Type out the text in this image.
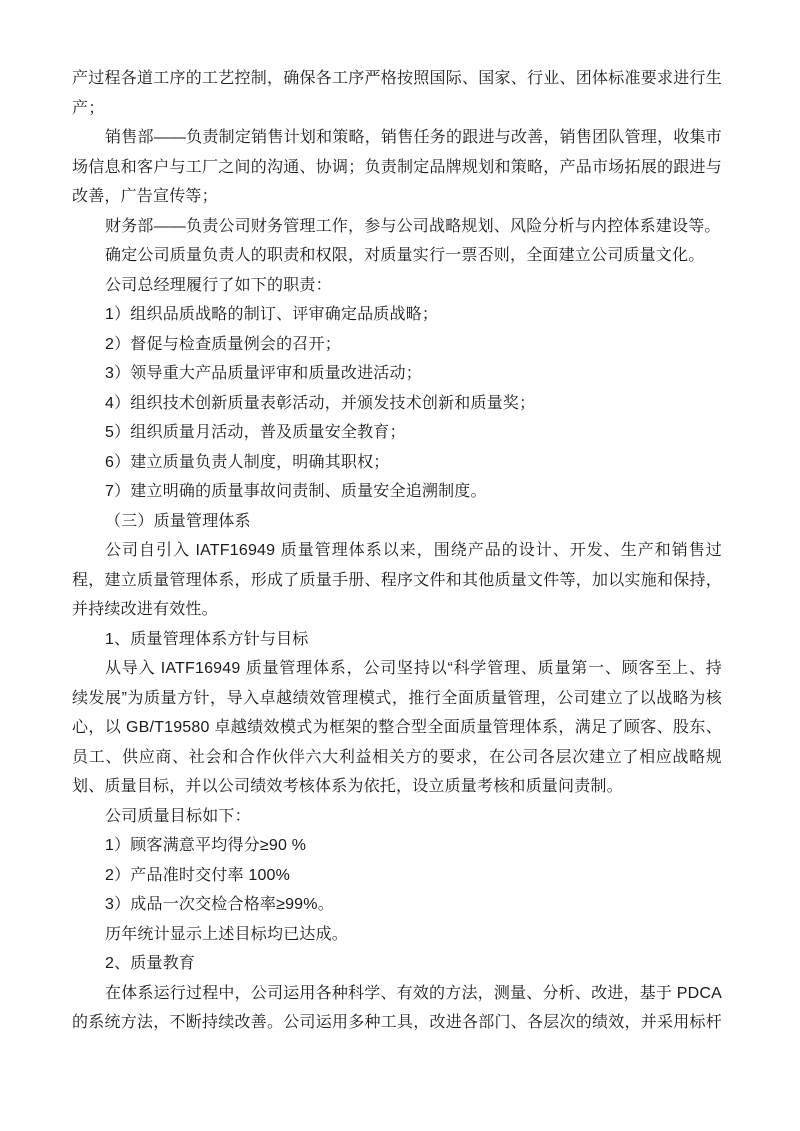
产过程各道工序的工艺控制，确保各工序严格按照国际、国家、行业、团体标准要求进行生

产；

销售部——负责制定销售计划和策略，销售任务的跟进与改善，销售团队管理，收集市

场信息和客户与工厂之间的沟通、协调；负责制定品牌规划和策略，产品市场拓展的跟进与

改善，广告宣传等；

财务部——负责公司财务管理工作，参与公司战略规划、风险分析与内控体系建设等。

确定公司质量负责人的职责和权限，对质量实行一票否则，全面建立公司质量文化。

公司总经理履行了如下的职责：

1）组织品质战略的制订、评审确定品质战略；

2）督促与检查质量例会的召开；

3）领导重大产品质量评审和质量改进活动；

4）组织技术创新质量表彰活动，并颁发技术创新和质量奖；

5）组织质量月活动，普及质量安全教育；

6）建立质量负责人制度，明确其职权；

7）建立明确的质量事故问责制、质量安全追溯制度。

（三）质量管理体系

公司自引入 IATF16949 质量管理体系以来，围绕产品的设计、开发、生产和销售过

程，建立质量管理体系，形成了质量手册、程序文件和其他质量文件等，加以实施和保持，

并持续改进有效性。

1、质量管理体系方针与目标

从导入 IATF16949 质量管理体系，公司坚持以“科学管理、质量第一、顾客至上、持

续发展”为质量方针，导入卓越绩效管理模式，推行全面质量管理，公司建立了以战略为核

心，以 GB/T19580 卓越绩效模式为框架的整合型全面质量管理体系，满足了顾客、股东、

员工、供应商、社会和合作伙伴六大利益相关方的要求，在公司各层次建立了相应战略规

划、质量目标，并以公司绩效考核体系为依托，设立质量考核和质量问责制。

公司质量目标如下：

1）顾客满意平均得分≥90 %

2）产品准时交付率 100%

3）成品一次交检合格率≥99%。

历年统计显示上述目标均已达成。

2、质量教育

在体系运行过程中，公司运用各种科学、有效的方法，测量、分析、改进，基于 PDCA

的系统方法，不断持续改善。公司运用多种工具，改进各部门、各层次的绩效，并采用标杆
